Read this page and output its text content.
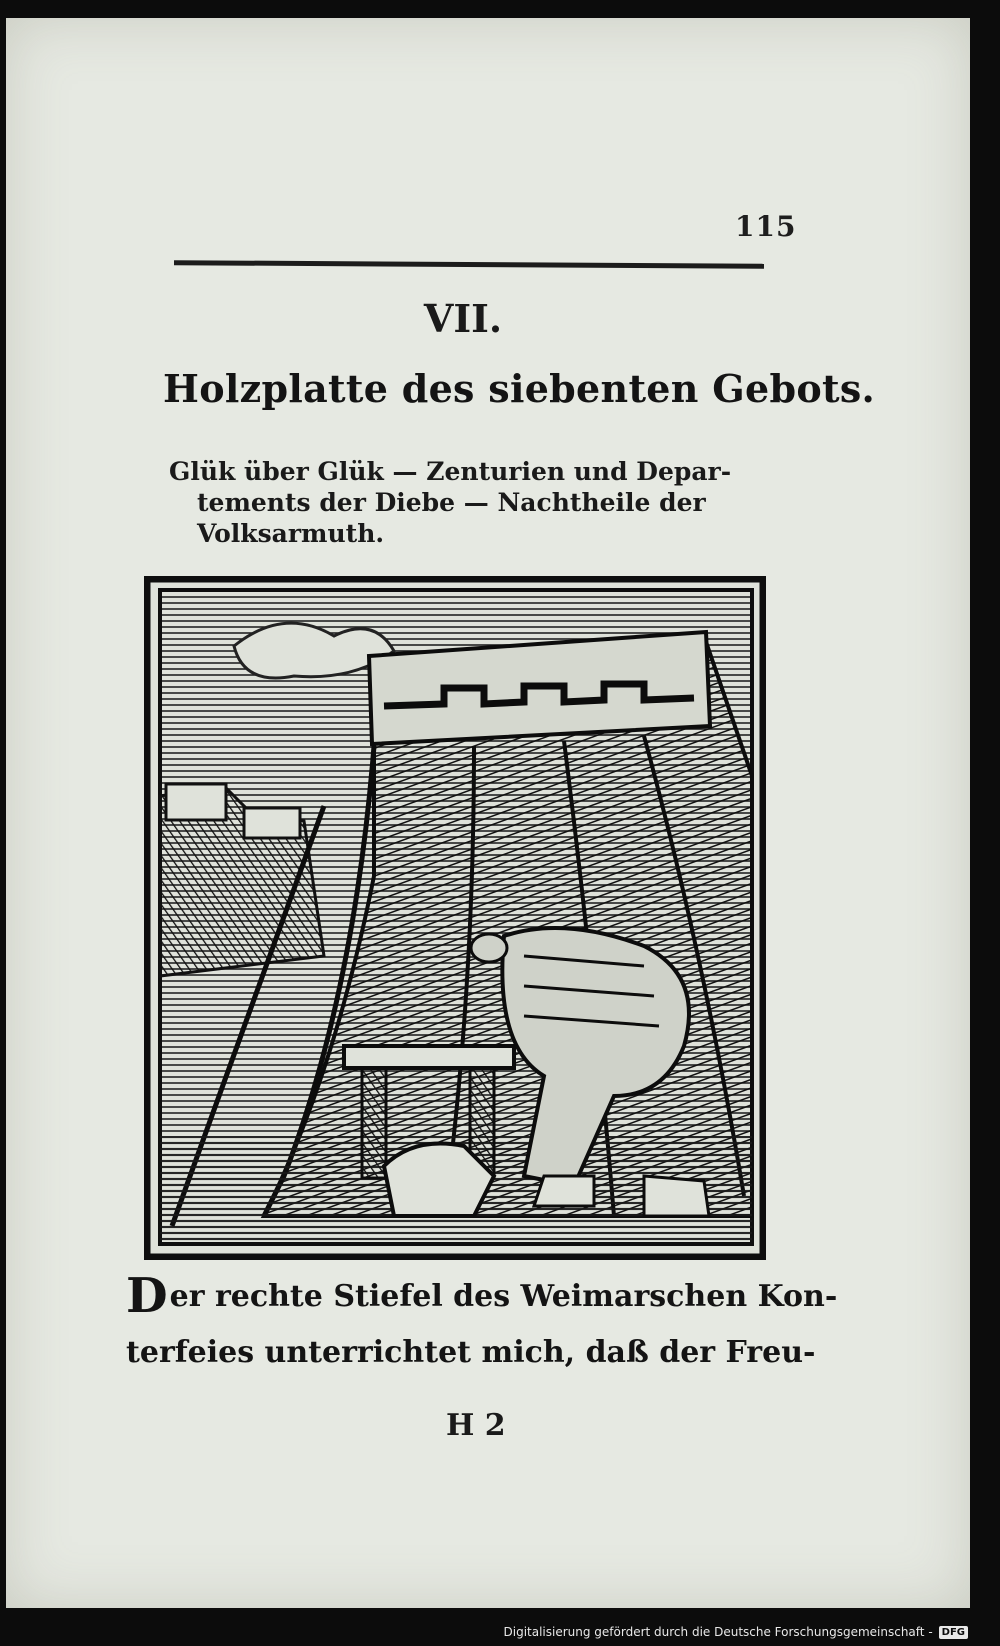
115
VII.
Holzplatte des siebenten Gebots.
Glük über Glük — Zenturien und Depar-
tements der Diebe — Nachtheile der
Volksarmuth.
Der rechte Stiefel des Weimarschen Kon-
terfeies unterrichtet mich, daß der Freu-
H 2
Digitalisierung gefördert durch die Deutsche Forschungsgemeinschaft - DFG
